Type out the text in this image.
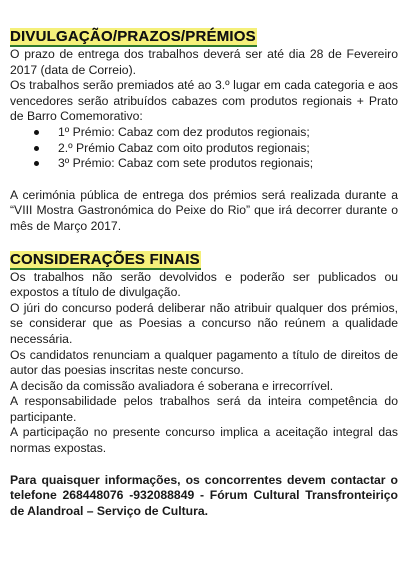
DIVULGAÇÃO/PRAZOS/PRÉMIOS

O prazo de entrega dos trabalhos deverá ser até dia 28 de Fevereiro 2017 (data de Correio).

Os trabalhos serão premiados até ao 3.º lugar em cada categoria e aos vencedores serão atribuídos cabazes com produtos regionais + Prato de Barro Comemorativo:

1º Prémio: Cabaz com dez produtos regionais;
2.º Prémio Cabaz com oito produtos regionais;
3º Prémio: Cabaz com sete produtos regionais;

A cerimónia pública de entrega dos prémios será realizada durante a “VIII Mostra Gastronómica do Peixe do Rio” que irá decorrer durante o mês de Março 2017.

CONSIDERAÇÕES FINAIS

Os trabalhos não serão devolvidos e poderão ser publicados ou expostos a título de divulgação.

O júri do concurso poderá deliberar não atribuir qualquer dos prémios, se considerar que as Poesias a concurso não reúnem a qualidade necessária.

Os candidatos renunciam a qualquer pagamento a título de direitos de autor das poesias inscritas neste concurso.

A decisão da comissão avaliadora é soberana e irrecorrível.

A responsabilidade pelos trabalhos será da inteira competência do participante.

A participação no presente concurso implica a aceitação integral das normas expostas.

Para quaisquer informações, os concorrentes devem contactar o telefone 268448076 -932088849 - Fórum Cultural Transfronteiriço de Alandroal – Serviço de Cultura.
